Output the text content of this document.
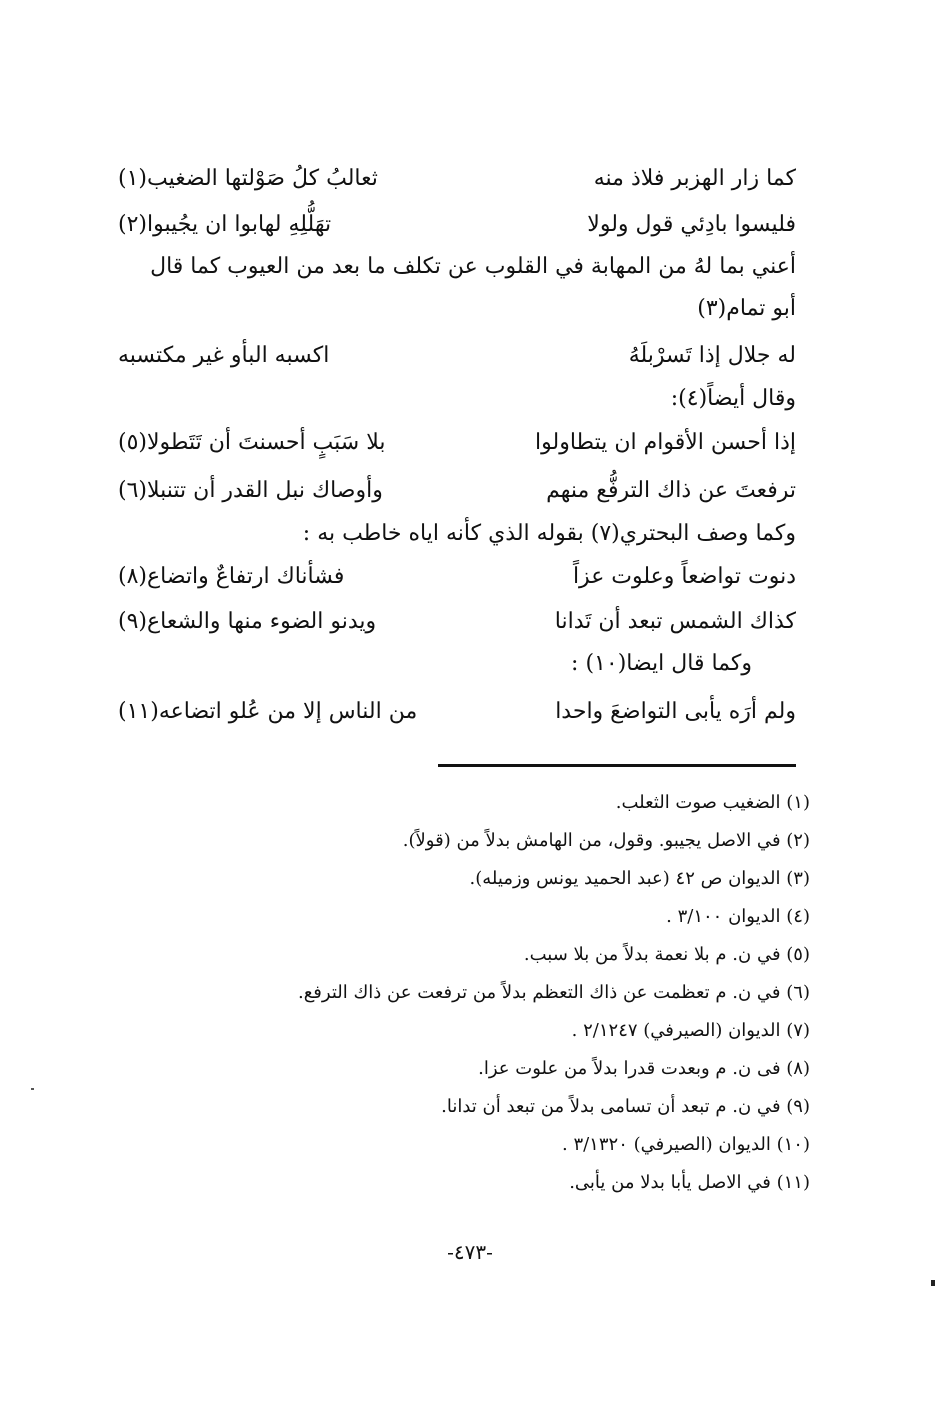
كما زار الهزبر فلاذ منه
ثعالبُ كلُ صَوْلتها الضغيب(١)
فليسوا بادِئي قول ولولا
تهَلُّلِهِ لهابوا ان يجُيبوا(٢)
أعني بما لهُ من المهابة في القلوب عن تكلف ما بعد من العيوب كما قال
أبو تمام(٣)
له جلال إذا تَسرْبلَهُ
اكسبه البأو غير مكتسبه
وقال أيضاً(٤):
إذا أحسن الأقوام ان يتطاولوا
بلا سَبَبٍ أحسنتَ أن تَتَطولا(٥)
ترفعتَ عن ذاك الترفُّع منهم
وأوصاك نبل القدر أن تتنبلا(٦)
وكما وصف البحتري(٧) بقوله الذي كأنه اياه خاطب به :
دنوت تواضعاً وعلوت عزاً
فشأناك ارتفاعٌ واتضاع(٨)
كذاك الشمس تبعد أن تَدانا
ويدنو الضوء منها والشعاع(٩)
وكما قال ايضا(١٠) :
ولم أرَه يأبى التواضعَ واحدا
من الناس إلا من عُلو اتضاعه(١١)
(١) الضغيب صوت الثعلب.
(٢) في الاصل يجيبو. وقول، من الهامش بدلاً من (قولاً).
(٣) الديوان ص ٤٢ (عبد الحميد يونس وزميله).
(٤) الديوان ٣/١٠٠ .
(٥) في ن. م بلا نعمة بدلاً من بلا سبب.
(٦) في ن. م تعظمت عن ذاك التعظم بدلاً من ترفعت عن ذاك الترفع.
(٧) الديوان (الصيرفي) ٢/١٢٤٧ .
(٨) فى ن. م وبعدت قدرا بدلاً من علوت عزا.
(٩) في ن. م تبعد أن تسامى بدلاً من تبعد أن تدانا.
(١٠) الديوان (الصيرفي) ٣/١٣٢٠ .
(١١) في الاصل يأبا بدلا من يأبى.
-٤٧٣-
